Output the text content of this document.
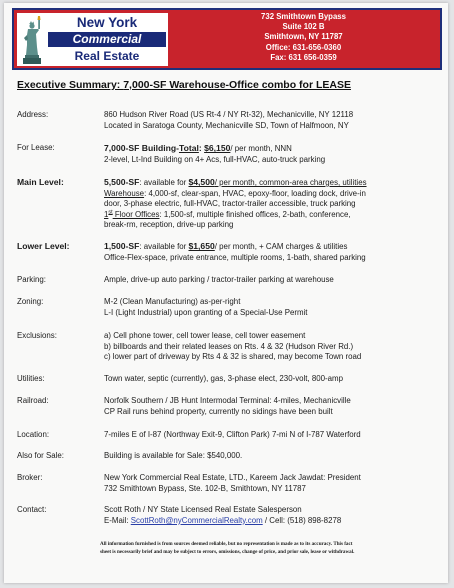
New York
Commercial
Real Estate
732 Smithtown Bypass
Suite 102 B
Smithtown, NY 11787
Office: 631-656-0360
Fax: 631 656-0359
Executive Summary: 7,000-SF Warehouse-Office combo for LEASE
Address:	860 Hudson River Road (US Rt-4 / NY Rt-32), Mechanicville, NY 12118
Located in Saratoga County, Mechanicville SD, Town of Halfmoon, NY
For Lease:	7,000-SF Building-Total: $6,150/ per month, NNN
2-level, Lt-Ind Building on 4+ Acs, full-HVAC, auto-truck parking
Main Level:	5,500-SF: available for $4,500/ per month, common-area charges, utilities
Warehouse: 4,000-sf, clear-span, HVAC, epoxy-floor, loading dock, drive-in
door, 3-phase electric, full-HVAC, tractor-trailer accessible, truck parking
1st Floor Offices: 1,500-sf, multiple finished offices, 2-bath, conference,
break-rm, reception, drive-up parking
Lower Level:	1,500-SF: available for $1,650/ per month, + CAM charges & utilities
Office-Flex-space, private entrance, multiple rooms, 1-bath, shared parking
Parking:	Ample, drive-up auto parking / tractor-trailer parking at warehouse
Zoning:	M-2 (Clean Manufacturing) as-per-right
L-I (Light Industrial) upon granting of a Special-Use Permit
Exclusions:	a) Cell phone tower, cell tower lease, cell tower easement
b) billboards and their related leases on Rts. 4 & 32 (Hudson River Rd.)
c) lower part of driveway by Rts 4 & 32 is shared, may become Town road
Utilities:	Town water, septic (currently), gas, 3-phase elect, 230-volt, 800-amp
Railroad:	Norfolk Southern / JB Hunt Intermodal Terminal: 4-miles, Mechanicville
CP Rail runs behind property, currently no sidings have been built
Location:	7-miles E of I-87 (Northway Exit-9, Clifton Park) 7-mi N of I-787 Waterford
Also for Sale:	Building is available for Sale: $540,000.
Broker:	New York Commercial Real Estate, LTD., Kareem Jack Jawdat: President
732 Smithtown Bypass, Ste. 102-B, Smithtown, NY 11787
Contact:	Scott Roth / NY State Licensed Real Estate Salesperson
E-Mail: ScottRoth@nyCommercialRealty.com / Cell: (518) 898-8278
All information furnished is from sources deemed reliable, but no representation is made as to its accuracy. This fact
sheet is necessarily brief and may be subject to errors, omissions, change of price, and prior sale, lease or withdrawal.
